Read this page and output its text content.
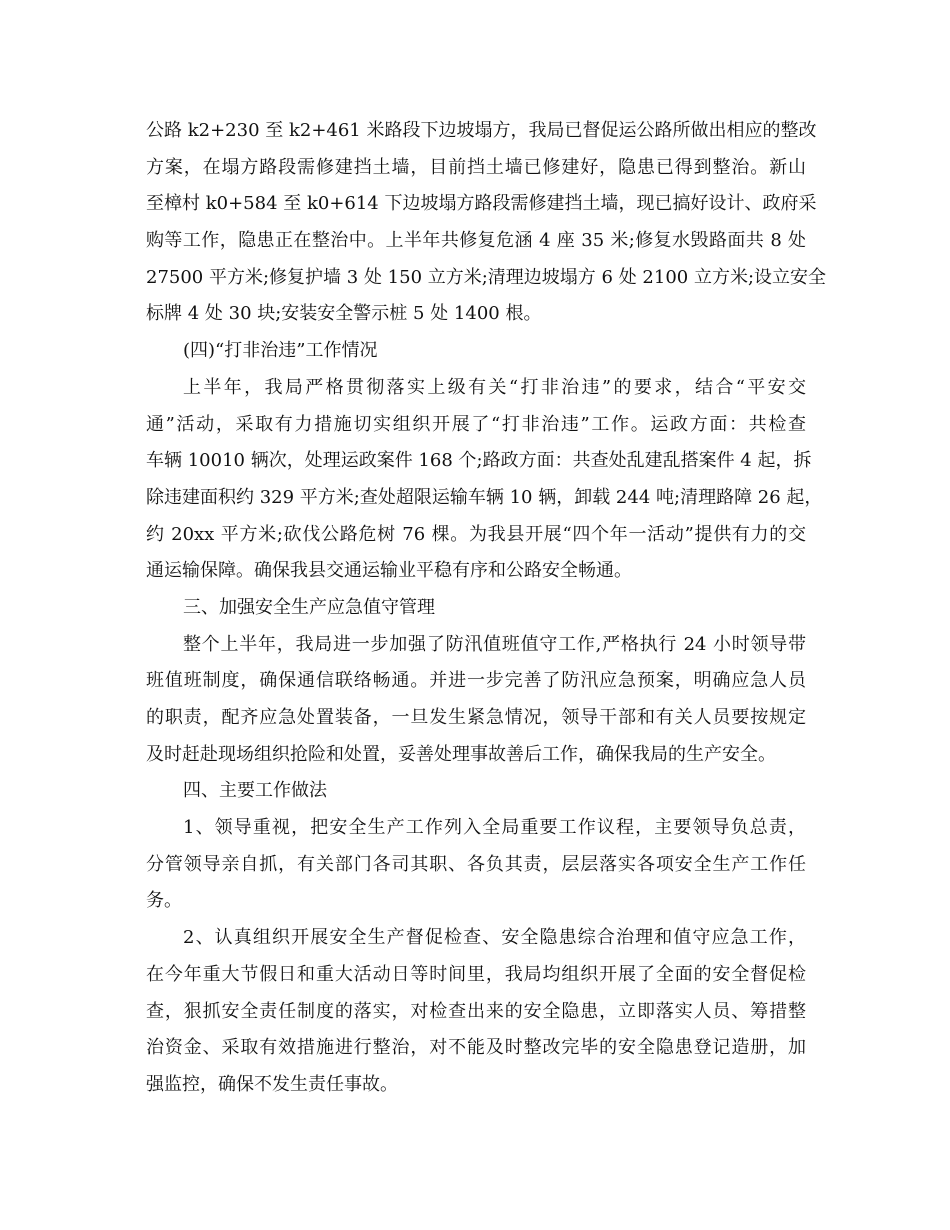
公路 k2+230 至 k2+461 米路段下边坡塌方，我局已督促运公路所做出相应的整改
方案，在塌方路段需修建挡土墙，目前挡土墙已修建好，隐患已得到整治。新山
至樟村 k0+584 至 k0+614 下边坡塌方路段需修建挡土墙，现已搞好设计、政府采
购等工作，隐患正在整治中。上半年共修复危涵 4 座 35 米;修复水毁路面共 8 处
27500 平方米;修复护墙 3 处 150 立方米;清理边坡塌方 6 处 2100 立方米;设立安全
标牌 4 处 30 块;安装安全警示桩 5 处 1400 根。
(四)“打非治违”工作情况
上半年，我局严格贯彻落实上级有关“打非治违”的要求，结合“平安交
通”活动，采取有力措施切实组织开展了“打非治违”工作。运政方面：共检查
车辆 10010 辆次，处理运政案件 168 个;路政方面：共查处乱建乱搭案件 4 起，拆
除违建面积约 329 平方米;查处超限运输车辆 10 辆，卸载 244 吨;清理路障 26 起，
约 20xx 平方米;砍伐公路危树 76 棵。为我县开展“四个年一活动”提供有力的交
通运输保障。确保我县交通运输业平稳有序和公路安全畅通。
三、加强安全生产应急值守管理
整个上半年，我局进一步加强了防汛值班值守工作,严格执行 24 小时领导带
班值班制度，确保通信联络畅通。并进一步完善了防汛应急预案，明确应急人员
的职责，配齐应急处置装备，一旦发生紧急情况，领导干部和有关人员要按规定
及时赶赴现场组织抢险和处置，妥善处理事故善后工作，确保我局的生产安全。
四、主要工作做法
1、领导重视，把安全生产工作列入全局重要工作议程，主要领导负总责，
分管领导亲自抓，有关部门各司其职、各负其责，层层落实各项安全生产工作任
务。
2、认真组织开展安全生产督促检查、安全隐患综合治理和值守应急工作，
在今年重大节假日和重大活动日等时间里，我局均组织开展了全面的安全督促检
查，狠抓安全责任制度的落实，对检查出来的安全隐患，立即落实人员、筹措整
治资金、采取有效措施进行整治，对不能及时整改完毕的安全隐患登记造册，加
强监控，确保不发生责任事故。
